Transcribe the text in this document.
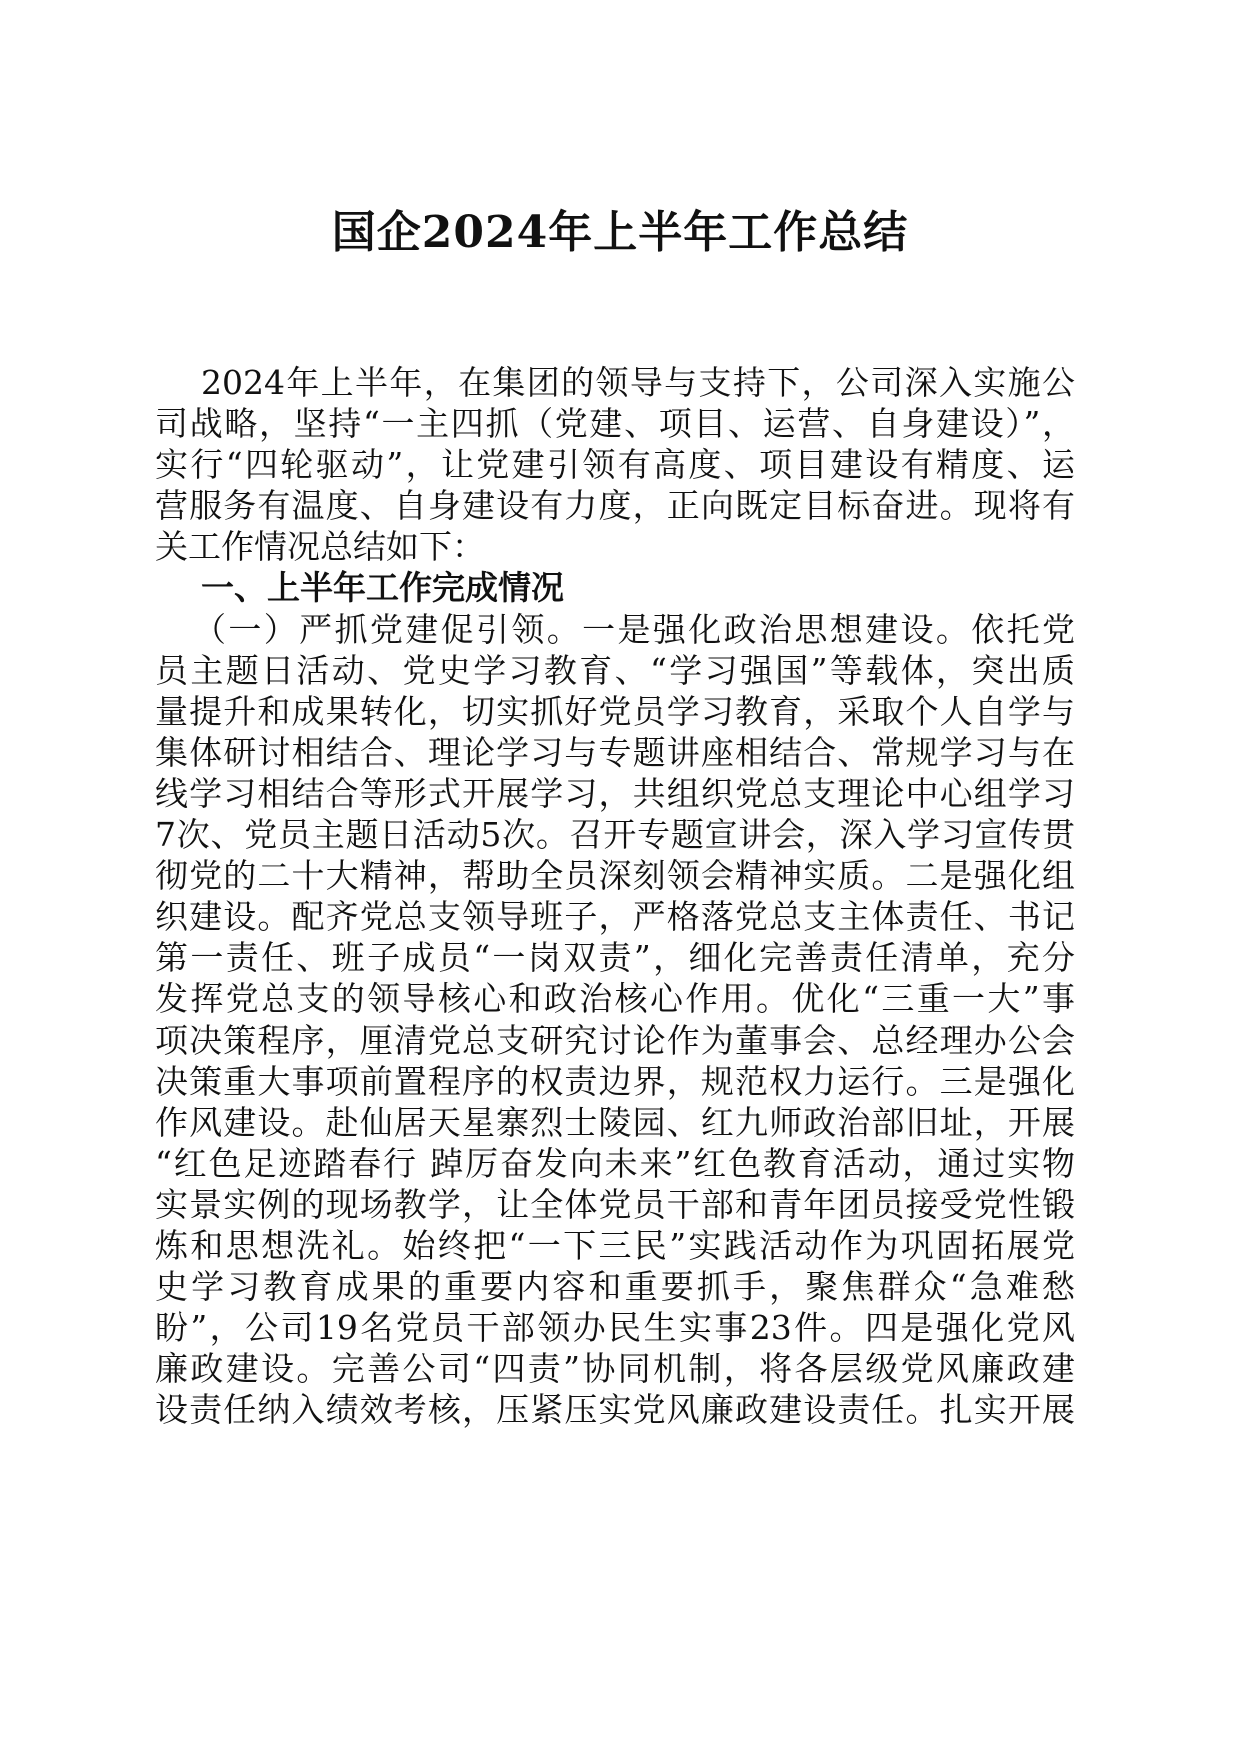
国企2024年上半年工作总结
2024年上半年，在集团的领导与支持下，公司深入实施公
司战略，坚持“一主四抓（党建、项目、运营、自身建设）”，
实行“四轮驱动”，让党建引领有高度、项目建设有精度、运
营服务有温度、自身建设有力度，正向既定目标奋进。现将有
关工作情况总结如下：
一、上半年工作完成情况
（一）严抓党建促引领。一是强化政治思想建设。依托党
员主题日活动、党史学习教育、“学习强国”等载体，突出质
量提升和成果转化，切实抓好党员学习教育，采取个人自学与
集体研讨相结合、理论学习与专题讲座相结合、常规学习与在
线学习相结合等形式开展学习，共组织党总支理论中心组学习
7次、党员主题日活动5次。召开专题宣讲会，深入学习宣传贯
彻党的二十大精神，帮助全员深刻领会精神实质。二是强化组
织建设。配齐党总支领导班子，严格落党总支主体责任、书记
第一责任、班子成员“一岗双责”，细化完善责任清单，充分
发挥党总支的领导核心和政治核心作用。优化“三重一大”事
项决策程序，厘清党总支研究讨论作为董事会、总经理办公会
决策重大事项前置程序的权责边界，规范权力运行。三是强化
作风建设。赴仙居天星寨烈士陵园、红九师政治部旧址，开展
“红色足迹踏春行 踔厉奋发向未来”红色教育活动，通过实物
实景实例的现场教学，让全体党员干部和青年团员接受党性锻
炼和思想洗礼。始终把“一下三民”实践活动作为巩固拓展党
史学习教育成果的重要内容和重要抓手，聚焦群众“急难愁
盼”，公司19名党员干部领办民生实事23件。四是强化党风
廉政建设。完善公司“四责”协同机制，将各层级党风廉政建
设责任纳入绩效考核，压紧压实党风廉政建设责任。扎实开展
